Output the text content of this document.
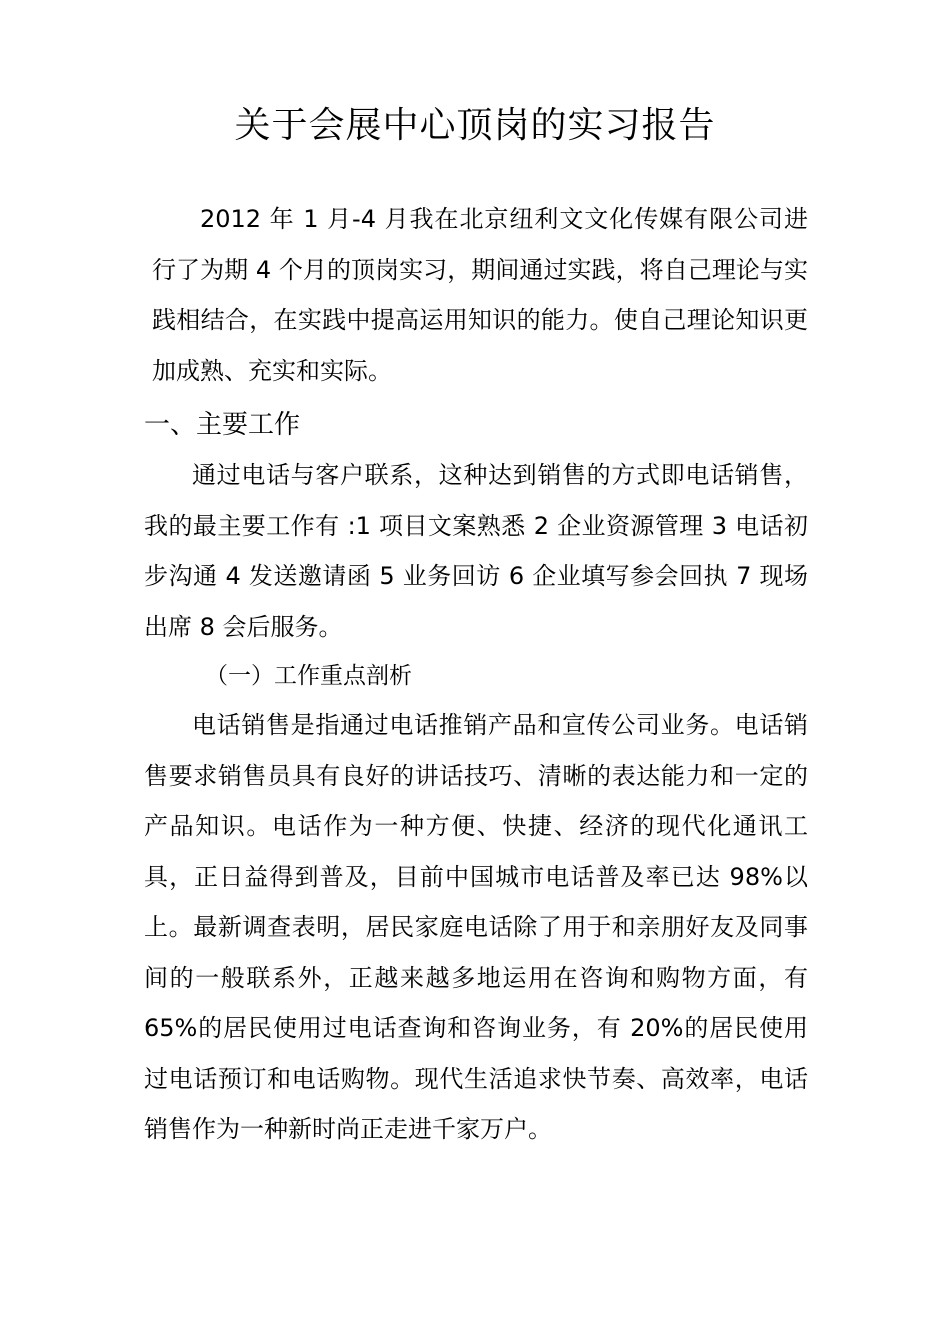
关于会展中心顶岗的实习报告
2012 年 1 月-4 月我在北京纽利文文化传媒有限公司进行了为期 4 个月的顶岗实习，期间通过实践，将自己理论与实践相结合，在实践中提高运用知识的能力。使自己理论知识更加成熟、充实和实际。
一、主要工作
通过电话与客户联系，这种达到销售的方式即电话销售，我的最主要工作有 :1 项目文案熟悉 2 企业资源管理 3 电话初步沟通 4 发送邀请函 5 业务回访 6 企业填写参会回执 7 现场出席 8 会后服务。
（一）工作重点剖析
电话销售是指通过电话推销产品和宣传公司业务。电话销售要求销售员具有良好的讲话技巧、清晰的表达能力和一定的产品知识。电话作为一种方便、快捷、经济的现代化通讯工具，正日益得到普及，目前中国城市电话普及率已达 98%以上。最新调查表明，居民家庭电话除了用于和亲朋好友及同事间的一般联系外，正越来越多地运用在咨询和购物方面，有 65%的居民使用过电话查询和咨询业务，有 20%的居民使用过电话预订和电话购物。现代生活追求快节奏、高效率，电话销售作为一种新时尚正走进千家万户。
